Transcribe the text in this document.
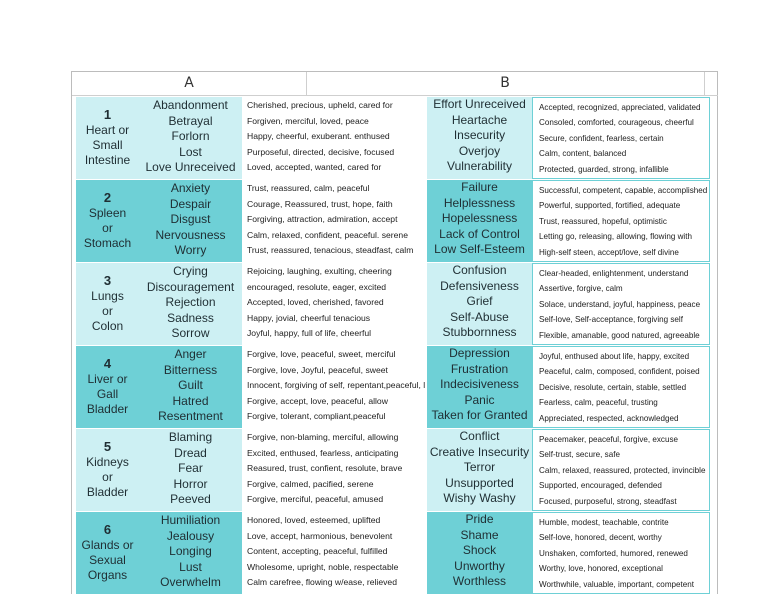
A	B
1
Heart or
Small
Intestine
Abandonment
Betrayal
Forlorn
Lost
Love Unreceived
Cherished, precious, upheld, cared for
Forgiven, merciful, loved, peace
Happy, cheerful, exuberant. enthused
Purposeful, directed, decisive, focused
Loved, accepted, wanted, cared for
Effort Unreceived
Heartache
Insecurity
Overjoy
Vulnerability
Accepted, recognized, appreciated, validated
Consoled, comforted, courageous, cheerful
Secure, confident, fearless, certain
Calm, content, balanced
Protected, guarded, strong, infallible
2
Spleen
or
Stomach
Anxiety
Despair
Disgust
Nervousness
Worry
Trust, reassured, calm, peaceful
Courage, Reassured, trust, hope, faith
Forgiving, attraction, admiration, accept
Calm, relaxed, confident, peaceful. serene
Trust, reassured, tenacious, steadfast, calm
Failure
Helplessness
Hopelessness
Lack of Control
Low Self-Esteem
Successful, competent, capable, accomplished
Powerful, supported, fortified, adequate
Trust, reassured, hopeful, optimistic
Letting go, releasing, allowing, flowing with
High-self steen, accept/love, self divine
3
Lungs
or
Colon
Crying
Discouragement
Rejection
Sadness
Sorrow
Rejoicing, laughing, exulting, cheering
encouraged, resolute, eager, excited
Accepted, loved, cherished, favored
Happy, jovial, cheerful tenacious
Joyful, happy, full of life, cheerful
Confusion
Defensiveness
Grief
Self-Abuse
Stubbornness
Clear-headed, enlightenment, understand
Assertive, forgive, calm
Solace, understand, joyful, happiness, peace
Self-love, Self-acceptance, forgiving self
Flexible, amanable, good natured, agreeable
4
Liver or
Gall
Bladder
Anger
Bitterness
Guilt
Hatred
Resentment
Forgive, love, peaceful, sweet, merciful
Forgive, love, Joyful, peaceful, sweet
Innocent, forgiving of self, repentant,peaceful, l
Forgive, accept, love, peaceful, allow
Forgive, tolerant, compliant,peaceful
Depression
Frustration
Indecisiveness
Panic
Taken for Granted
Joyful, enthused about life, happy, excited
Peaceful, calm, composed, confident, poised
Decisive, resolute, certain, stable, settled
Fearless, calm, peaceful, trusting
Appreciated, respected, acknowledged
5
Kidneys
or
Bladder
Blaming
Dread
Fear
Horror
Peeved
Forgive, non-blaming, merciful, allowing
Excited, enthused, fearless, anticipating
Reasured, trust, confient, resolute, brave
Forgive, calmed, pacified, serene
Forgive, merciful, peaceful, amused
Conflict
Creative Insecurity
Terror
Unsupported
Wishy Washy
Peacemaker, peaceful, forgive, excuse
Self-trust, secure, safe
Calm, relaxed, reassured, protected, invincible
Supported, encouraged, defended
Focused, purposeful, strong, steadfast
6
Glands or
Sexual
Organs
Humiliation
Jealousy
Longing
Lust
Overwhelm
Honored, loved, esteemed, uplifted
Love, accept, harmonious, benevolent
Content, accepting, peaceful, fulfilled
Wholesome, upright, noble, respectable
Calm carefree, flowing w/ease, relieved
Pride
Shame
Shock
Unworthy
Worthless
Humble, modest, teachable, contrite
Self-love, honored, decent, worthy
Unshaken, comforted, humored, renewed
Worthy, love, honored, exceptional
Worthwhile, valuable, important, competent
